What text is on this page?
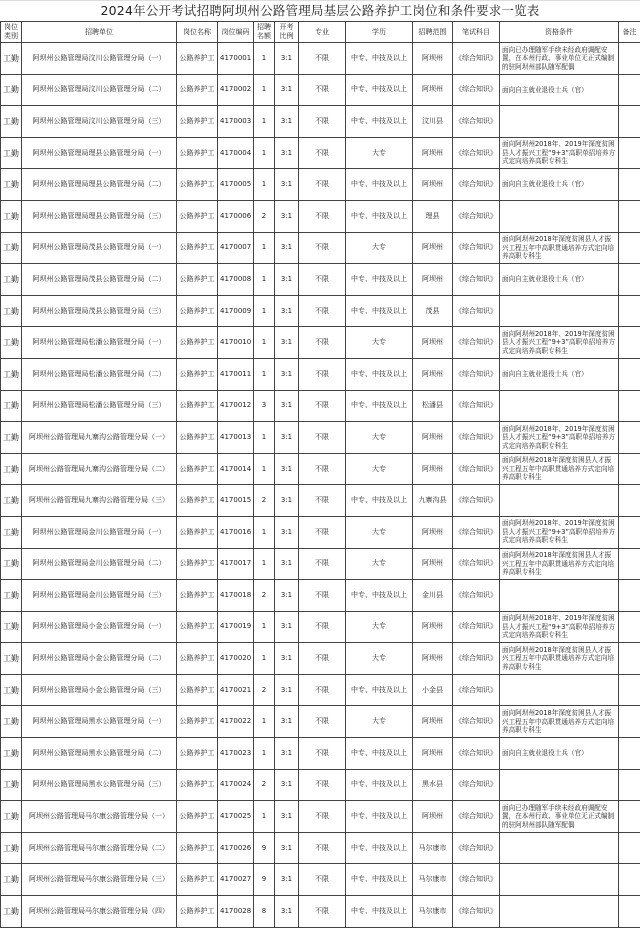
2024年公开考试招聘阿坝州公路管理局基层公路养护工岗位和条件要求一览表
岗位类别	招聘单位	岗位名称	岗位编码	招聘名额	开考比例	专业	学历	招聘范围	笔试科目	资格条件	备注
工勤	阿坝州公路管理局汶川公路管理分局（一）	公路养护工	4170001	1	3:1	不限	中专、中技及以上	阿坝州	《综合知识》	面向已办理随军手续未经政府调配安置，在本州行政、事业单位无正式编制的驻阿坝州部队随军配偶	
工勤	阿坝州公路管理局汶川公路管理分局（二）	公路养护工	4170002	1	3:1	不限	中专、中技及以上	阿坝州	《综合知识》	面向自主就业退役士兵（官）	
工勤	阿坝州公路管理局汶川公路管理分局（三）	公路养护工	4170003	1	3:1	不限	中专、中技及以上	汶川县	《综合知识》		
工勤	阿坝州公路管理局理县公路管理分局（一）	公路养护工	4170004	1	3:1	不限	大专	阿坝州	《综合知识》	面向阿坝州2018年、2019年深度贫困县人才振兴工程“9+3”高职单招培养方式定向培养高职专科生	
工勤	阿坝州公路管理局理县公路管理分局（二）	公路养护工	4170005	1	3:1	不限	中专、中技及以上	阿坝州	《综合知识》	面向自主就业退役士兵（官）	
工勤	阿坝州公路管理局理县公路管理分局（三）	公路养护工	4170006	2	3:1	不限	中专、中技及以上	理县	《综合知识》		
工勤	阿坝州公路管理局茂县公路管理分局（一）	公路养护工	4170007	1	3:1	不限	大专	阿坝州	《综合知识》	面向阿坝州2018年深度贫困县人才振兴工程五年中高职贯通培养方式定向培养高职专科生	
工勤	阿坝州公路管理局茂县公路管理分局（二）	公路养护工	4170008	1	3:1	不限	中专、中技及以上	阿坝州	《综合知识》	面向自主就业退役士兵（官）	
工勤	阿坝州公路管理局茂县公路管理分局（三）	公路养护工	4170009	1	3:1	不限	中专、中技及以上	茂县	《综合知识》		
工勤	阿坝州公路管理局松潘公路管理分局（一）	公路养护工	4170010	1	3:1	不限	大专	阿坝州	《综合知识》	面向阿坝州2018年、2019年深度贫困县人才振兴工程“9+3”高职单招培养方式定向培养高职专科生	
工勤	阿坝州公路管理局松潘公路管理分局（二）	公路养护工	4170011	1	3:1	不限	中专、中技及以上	阿坝州	《综合知识》	面向自主就业退役士兵（官）	
工勤	阿坝州公路管理局松潘公路管理分局（三）	公路养护工	4170012	3	3:1	不限	中专、中技及以上	松潘县	《综合知识》		
工勤	阿坝州公路管理局九寨沟公路管理分局（一）	公路养护工	4170013	1	3:1	不限	大专	阿坝州	《综合知识》	面向阿坝州2018年、2019年深度贫困县人才振兴工程“9+3”高职单招培养方式定向培养高职专科生	
工勤	阿坝州公路管理局九寨沟公路管理分局（二）	公路养护工	4170014	1	3:1	不限	大专	阿坝州	《综合知识》	面向阿坝州2018年深度贫困县人才振兴工程五年中高职贯通培养方式定向培养高职专科生	
工勤	阿坝州公路管理局九寨沟公路管理分局（三）	公路养护工	4170015	2	3:1	不限	中专、中技及以上	九寨沟县	《综合知识》		
工勤	阿坝州公路管理局金川公路管理分局（一）	公路养护工	4170016	1	3:1	不限	大专	阿坝州	《综合知识》	面向阿坝州2018年、2019年深度贫困县人才振兴工程“9+3”高职单招培养方式定向培养高职专科生	
工勤	阿坝州公路管理局金川公路管理分局（二）	公路养护工	4170017	1	3:1	不限	大专	阿坝州	《综合知识》	面向阿坝州2018年深度贫困县人才振兴工程五年中高职贯通培养方式定向培养高职专科生	
工勤	阿坝州公路管理局金川公路管理分局（三）	公路养护工	4170018	2	3:1	不限	中专、中技及以上	金川县	《综合知识》		
工勤	阿坝州公路管理局小金公路管理分局（一）	公路养护工	4170019	1	3:1	不限	大专	阿坝州	《综合知识》	面向阿坝州2018年、2019年深度贫困县人才振兴工程“9+3”高职单招培养方式定向培养高职专科生	
工勤	阿坝州公路管理局小金公路管理分局（二）	公路养护工	4170020	1	3:1	不限	大专	阿坝州	《综合知识》	面向阿坝州2018年深度贫困县人才振兴工程五年中高职贯通培养方式定向培养高职专科生	
工勤	阿坝州公路管理局小金公路管理分局（三）	公路养护工	4170021	2	3:1	不限	中专、中技及以上	小金县	《综合知识》		
工勤	阿坝州公路管理局黑水公路管理分局（一）	公路养护工	4170022	1	3:1	不限	大专	阿坝州	《综合知识》	面向阿坝州2018年深度贫困县人才振兴工程五年中高职贯通培养方式定向培养高职专科生	
工勤	阿坝州公路管理局黑水公路管理分局（二）	公路养护工	4170023	1	3:1	不限	中专、中技及以上	阿坝州	《综合知识》	面向自主就业退役士兵（官）	
工勤	阿坝州公路管理局黑水公路管理分局（三）	公路养护工	4170024	2	3:1	不限	中专、中技及以上	黑水县	《综合知识》		
工勤	阿坝州公路管理局马尔康公路管理分局（一）	公路养护工	4170025	1	3:1	不限	中专、中技及以上	阿坝州	《综合知识》	面向已办理随军手续未经政府调配安置，在本州行政、事业单位无正式编制的驻阿坝州部队随军配偶	
工勤	阿坝州公路管理局马尔康公路管理分局（二）	公路养护工	4170026	9	3:1	不限	中专、中技及以上	马尔康市	《综合知识》		
工勤	阿坝州公路管理局马尔康公路管理分局（三）	公路养护工	4170027	9	3:1	不限	中专、中技及以上	马尔康市	《综合知识》		
工勤	阿坝州公路管理局马尔康公路管理分局（四）	公路养护工	4170028	8	3:1	不限	中专、中技及以上	马尔康市	《综合知识》		
